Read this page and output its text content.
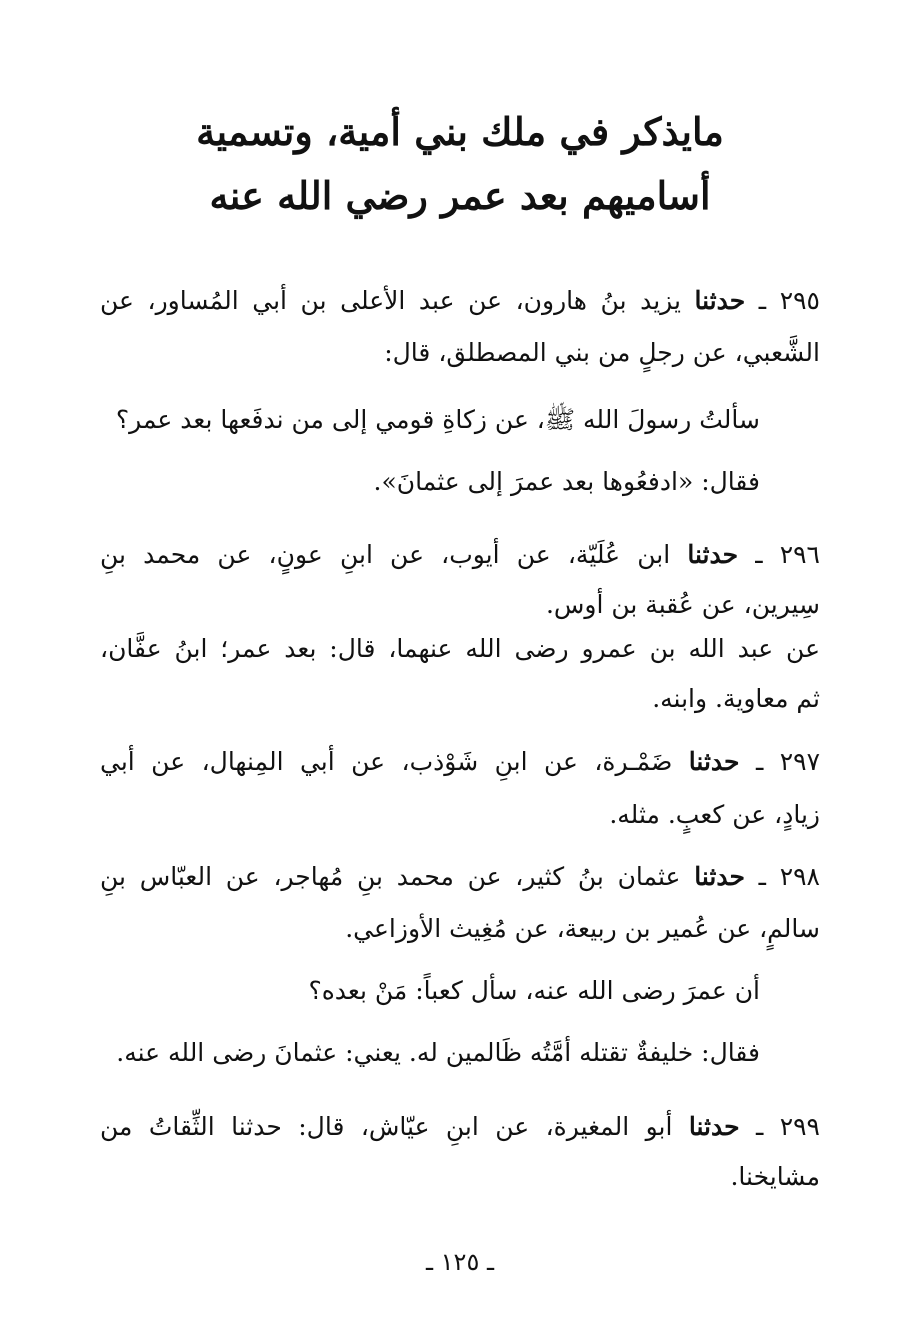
مايذكر في ملك بني أمية، وتسمية
أساميهم بعد عمر رضي الله عنه
٢٩٥ ـ حدثنا يزيد بنُ هارون، عن عبد الأعلى بن أبي المُساور، عن
الشَّعبي، عن رجلٍ من بني المصطلق، قال:
سألتُ رسولَ الله ﷺ، عن زكاةِ قومي إلى من ندفَعها بعد عمر؟
فقال: «ادفعُوها بعد عمرَ إلى عثمانَ».
٢٩٦ ـ حدثنا ابن عُلَيّة، عن أيوب، عن ابنِ عونٍ، عن محمد بنِ
سِيرين، عن عُقبة بن أوس.
عن عبد الله بن عمرو رضى الله عنهما، قال: بعد عمر؛ ابنُ عفَّان،
ثم معاوية. وابنه.
٢٩٧ ـ حدثنا ضَمْـرة، عن ابنِ شَوْذب، عن أبي المِنهال، عن أبي
زيادٍ، عن كعبٍ. مثله.
٢٩٨ ـ حدثنا عثمان بنُ كثير، عن محمد بنِ مُهاجر، عن العبّاس بنِ
سالمٍ، عن عُمير بن ربيعة، عن مُغِيث الأوزاعي.
أن عمرَ رضى الله عنه، سأل كعباً: مَنْ بعده؟
فقال: خليفةٌ تقتله أمَّتُه ظَالمين له. يعني: عثمانَ رضى الله عنه.
٢٩٩ ـ حدثنا أبو المغيرة، عن ابنِ عيّاش، قال: حدثنا الثِّقاتُ من
مشايخنا.
ـ ١٢٥ ـ
